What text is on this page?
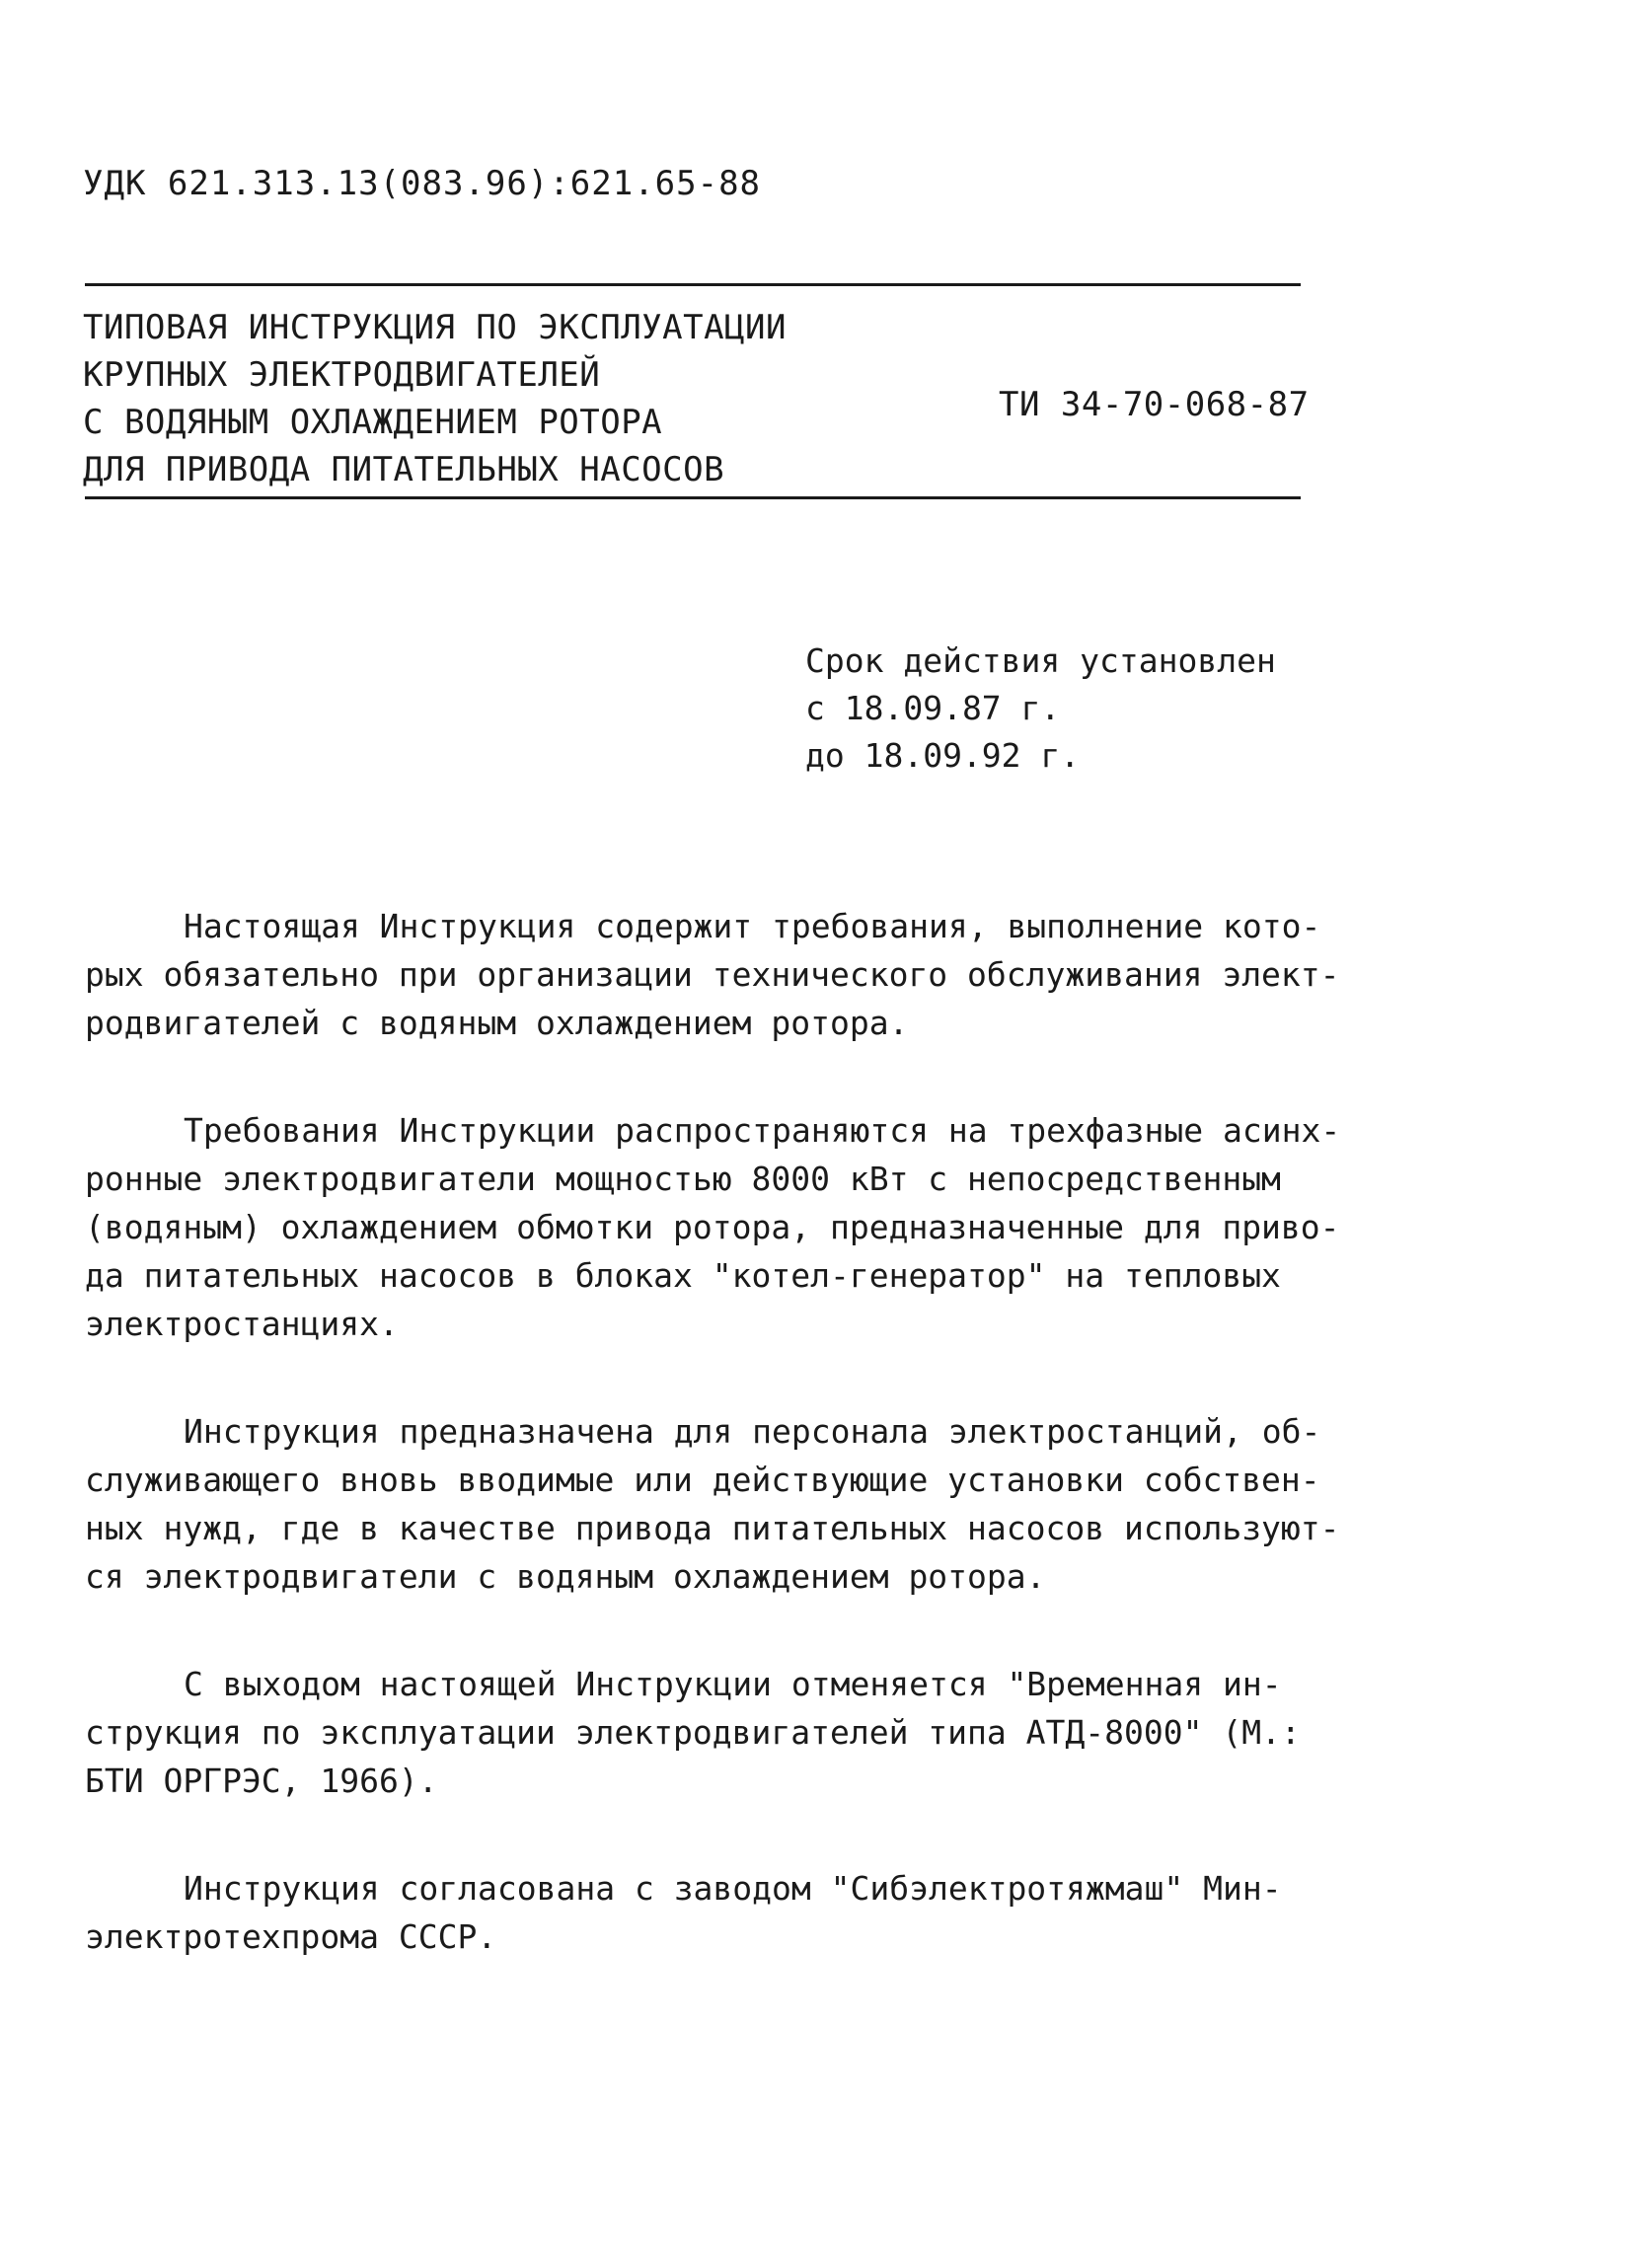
УДК 621.313.13(083.96):621.65-88
ТИПОВАЯ ИНСТРУКЦИЯ ПО ЭКСПЛУАТАЦИИ
КРУПНЫХ ЭЛЕКТРОДВИГАТЕЛЕЙ
С ВОДЯНЫМ ОХЛАЖДЕНИЕМ РОТОРА
ДЛЯ ПРИВОДА ПИТАТЕЛЬНЫХ НАСОСОВ
ТИ 34-70-068-87
Срок действия установлен
с 18.09.87 г.
до 18.09.92 г.
Настоящая Инструкция содержит требования, выполнение кото-
рых обязательно при организации технического обслуживания элект-
родвигателей с водяным охлаждением ротора.
Требования Инструкции распространяются на трехфазные асинх-
ронные электродвигатели мощностью 8000 кВт с непосредственным
(водяным) охлаждением обмотки ротора, предназначенные для приво-
да питательных насосов в блоках "котел-генератор" на тепловых
электростанциях.
Инструкция предназначена для персонала электростанций, об-
служивающего вновь вводимые или действующие установки собствен-
ных нужд, где в качестве привода питательных насосов используют-
ся электродвигатели с водяным охлаждением ротора.
С выходом настоящей Инструкции отменяется "Временная ин-
струкция по эксплуатации электродвигателей типа АТД-8000" (М.:
БТИ ОРГРЭС, 1966).
Инструкция согласована с заводом "Сибэлектротяжмаш" Мин-
электротехпрома СССР.
